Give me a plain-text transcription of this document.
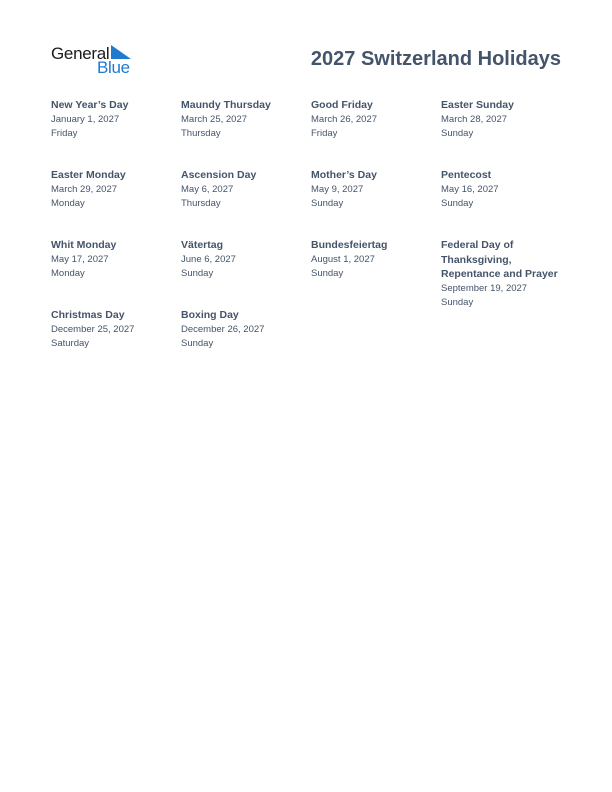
General
Blue	2027 Switzerland Holidays
New Year’s Day
January 1, 2027
Friday
Maundy Thursday
March 25, 2027
Thursday
Good Friday
March 26, 2027
Friday
Easter Sunday
March 28, 2027
Sunday
Easter Monday
March 29, 2027
Monday
Ascension Day
May 6, 2027
Thursday
Mother’s Day
May 9, 2027
Sunday
Pentecost
May 16, 2027
Sunday
Whit Monday
May 17, 2027
Monday
Vätertag
June 6, 2027
Sunday
Bundesfeiertag
August 1, 2027
Sunday
Federal Day of Thanksgiving, Repentance and Prayer
September 19, 2027
Sunday
Christmas Day
December 25, 2027
Saturday
Boxing Day
December 26, 2027
Sunday
